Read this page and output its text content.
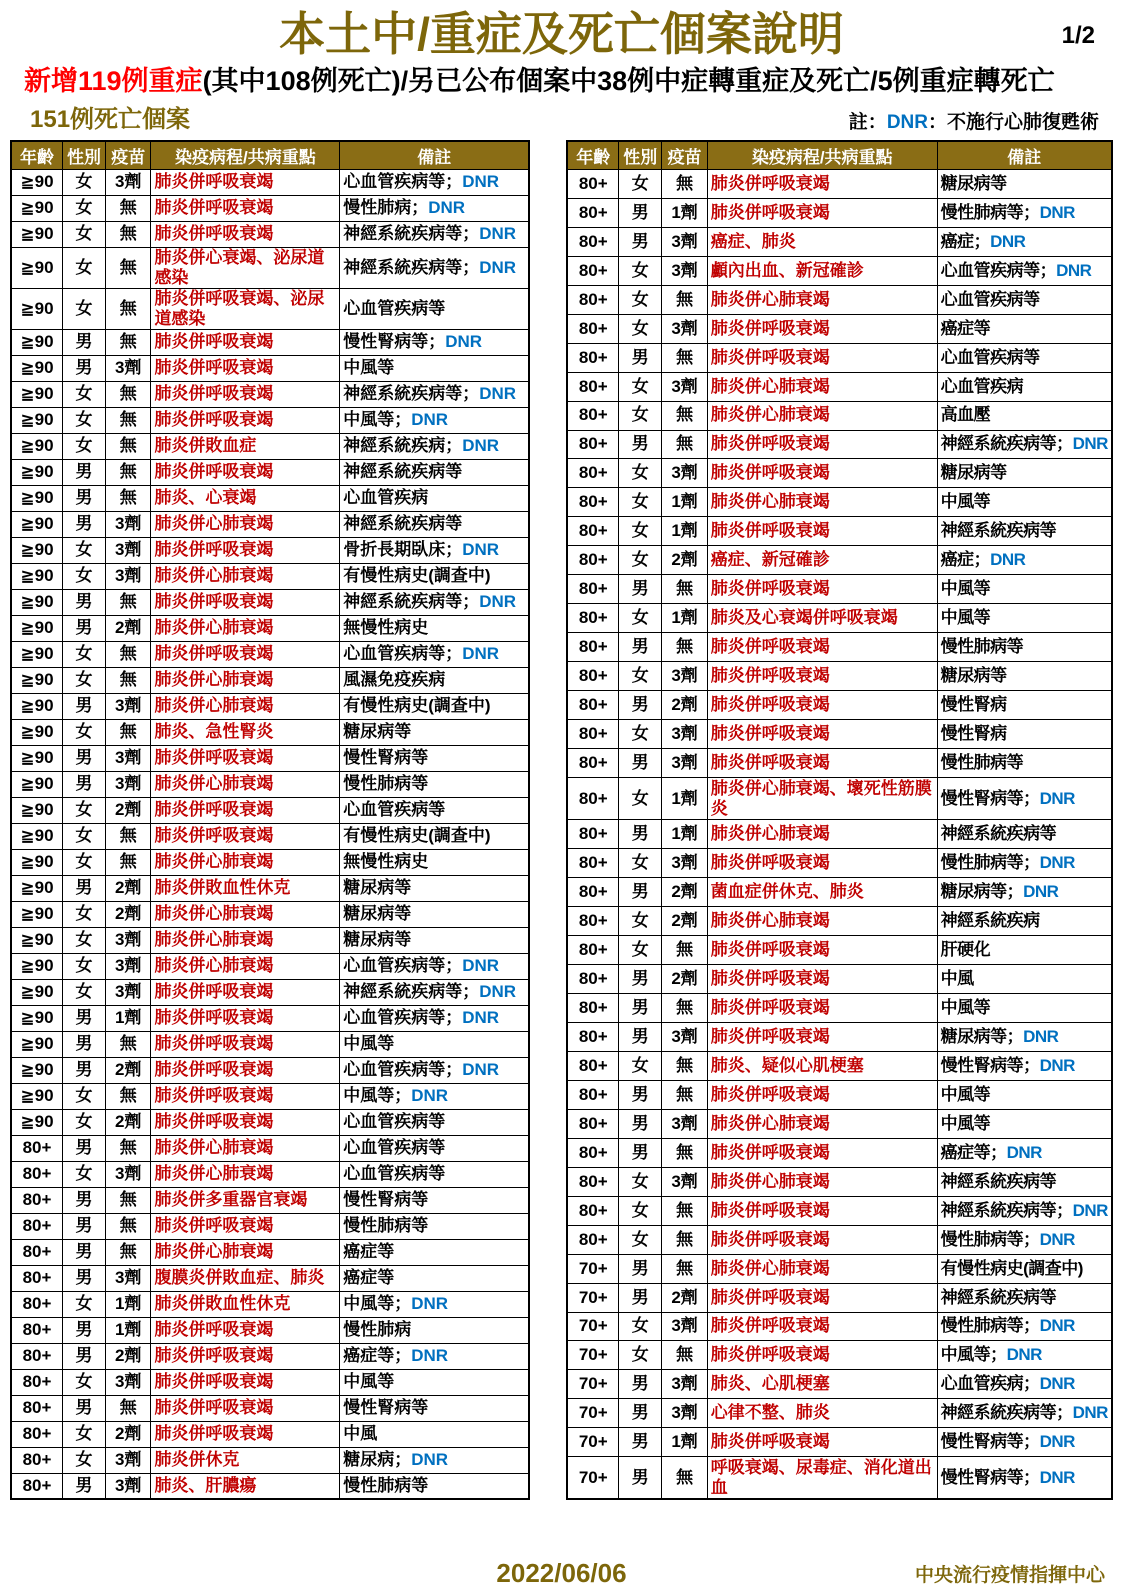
1/2
本土中/重症及死亡個案說明
新增119例重症(其中108例死亡)/另已公布個案中38例中症轉重症及死亡/5例重症轉死亡
151例死亡個案	註：DNR：不施行心肺復甦術
年齡	性別	疫苗	染疫病程/共病重點	備註
≧90	女	3劑	肺炎併呼吸衰竭	心血管疾病等；DNR
≧90	女	無	肺炎併呼吸衰竭	慢性肺病；DNR
≧90	女	無	肺炎併呼吸衰竭	神經系統疾病等；DNR
≧90	女	無	肺炎併心衰竭、泌尿道感染	神經系統疾病等；DNR
≧90	女	無	肺炎併呼吸衰竭、泌尿道感染	心血管疾病等
≧90	男	無	肺炎併呼吸衰竭	慢性腎病等；DNR
≧90	男	3劑	肺炎併呼吸衰竭	中風等
≧90	女	無	肺炎併呼吸衰竭	神經系統疾病等；DNR
≧90	女	無	肺炎併呼吸衰竭	中風等；DNR
≧90	女	無	肺炎併敗血症	神經系統疾病；DNR
≧90	男	無	肺炎併呼吸衰竭	神經系統疾病等
≧90	男	無	肺炎、心衰竭	心血管疾病
≧90	男	3劑	肺炎併心肺衰竭	神經系統疾病等
≧90	女	3劑	肺炎併呼吸衰竭	骨折長期臥床；DNR
≧90	女	3劑	肺炎併心肺衰竭	有慢性病史(調查中)
≧90	男	無	肺炎併呼吸衰竭	神經系統疾病等；DNR
≧90	男	2劑	肺炎併心肺衰竭	無慢性病史
≧90	女	無	肺炎併呼吸衰竭	心血管疾病等；DNR
≧90	女	無	肺炎併心肺衰竭	風濕免疫疾病
≧90	男	3劑	肺炎併心肺衰竭	有慢性病史(調查中)
≧90	女	無	肺炎、急性腎炎	糖尿病等
≧90	男	3劑	肺炎併呼吸衰竭	慢性腎病等
≧90	男	3劑	肺炎併心肺衰竭	慢性肺病等
≧90	女	2劑	肺炎併呼吸衰竭	心血管疾病等
≧90	女	無	肺炎併呼吸衰竭	有慢性病史(調查中)
≧90	女	無	肺炎併心肺衰竭	無慢性病史
≧90	男	2劑	肺炎併敗血性休克	糖尿病等
≧90	女	2劑	肺炎併心肺衰竭	糖尿病等
≧90	女	3劑	肺炎併心肺衰竭	糖尿病等
≧90	女	3劑	肺炎併心肺衰竭	心血管疾病等；DNR
≧90	女	3劑	肺炎併呼吸衰竭	神經系統疾病等；DNR
≧90	男	1劑	肺炎併呼吸衰竭	心血管疾病等；DNR
≧90	男	無	肺炎併呼吸衰竭	中風等
≧90	男	2劑	肺炎併呼吸衰竭	心血管疾病等；DNR
≧90	女	無	肺炎併呼吸衰竭	中風等；DNR
≧90	女	2劑	肺炎併呼吸衰竭	心血管疾病等
80+	男	無	肺炎併心肺衰竭	心血管疾病等
80+	女	3劑	肺炎併心肺衰竭	心血管疾病等
80+	男	無	肺炎併多重器官衰竭	慢性腎病等
80+	男	無	肺炎併呼吸衰竭	慢性肺病等
80+	男	無	肺炎併心肺衰竭	癌症等
80+	男	3劑	腹膜炎併敗血症、肺炎	癌症等
80+	女	1劑	肺炎併敗血性休克	中風等；DNR
80+	男	1劑	肺炎併呼吸衰竭	慢性肺病
80+	男	2劑	肺炎併呼吸衰竭	癌症等；DNR
80+	女	3劑	肺炎併呼吸衰竭	中風等
80+	男	無	肺炎併呼吸衰竭	慢性腎病等
80+	女	2劑	肺炎併呼吸衰竭	中風
80+	女	3劑	肺炎併休克	糖尿病；DNR
80+	男	3劑	肺炎、肝膿瘍	慢性肺病等
年齡	性別	疫苗	染疫病程/共病重點	備註
80+	女	無	肺炎併呼吸衰竭	糖尿病等
80+	男	1劑	肺炎併呼吸衰竭	慢性肺病等；DNR
80+	男	3劑	癌症、肺炎	癌症；DNR
80+	女	3劑	顱內出血、新冠確診	心血管疾病等；DNR
80+	女	無	肺炎併心肺衰竭	心血管疾病等
80+	女	3劑	肺炎併呼吸衰竭	癌症等
80+	男	無	肺炎併呼吸衰竭	心血管疾病等
80+	女	3劑	肺炎併心肺衰竭	心血管疾病
80+	女	無	肺炎併心肺衰竭	高血壓
80+	男	無	肺炎併呼吸衰竭	神經系統疾病等；DNR
80+	女	3劑	肺炎併呼吸衰竭	糖尿病等
80+	女	1劑	肺炎併心肺衰竭	中風等
80+	女	1劑	肺炎併呼吸衰竭	神經系統疾病等
80+	女	2劑	癌症、新冠確診	癌症；DNR
80+	男	無	肺炎併呼吸衰竭	中風等
80+	女	1劑	肺炎及心衰竭併呼吸衰竭	中風等
80+	男	無	肺炎併呼吸衰竭	慢性肺病等
80+	女	3劑	肺炎併呼吸衰竭	糖尿病等
80+	男	2劑	肺炎併呼吸衰竭	慢性腎病
80+	女	3劑	肺炎併呼吸衰竭	慢性腎病
80+	男	3劑	肺炎併呼吸衰竭	慢性肺病等
80+	女	1劑	肺炎併心肺衰竭、壞死性筋膜炎	慢性腎病等；DNR
80+	男	1劑	肺炎併心肺衰竭	神經系統疾病等
80+	女	3劑	肺炎併呼吸衰竭	慢性肺病等；DNR
80+	男	2劑	菌血症併休克、肺炎	糖尿病等；DNR
80+	女	2劑	肺炎併心肺衰竭	神經系統疾病
80+	女	無	肺炎併呼吸衰竭	肝硬化
80+	男	2劑	肺炎併呼吸衰竭	中風
80+	男	無	肺炎併呼吸衰竭	中風等
80+	男	3劑	肺炎併呼吸衰竭	糖尿病等；DNR
80+	女	無	肺炎、疑似心肌梗塞	慢性腎病等；DNR
80+	男	無	肺炎併呼吸衰竭	中風等
80+	男	3劑	肺炎併心肺衰竭	中風等
80+	男	無	肺炎併呼吸衰竭	癌症等；DNR
80+	女	3劑	肺炎併心肺衰竭	神經系統疾病等
80+	女	無	肺炎併呼吸衰竭	神經系統疾病等；DNR
80+	女	無	肺炎併呼吸衰竭	慢性肺病等；DNR
70+	男	無	肺炎併心肺衰竭	有慢性病史(調查中)
70+	男	2劑	肺炎併呼吸衰竭	神經系統疾病等
70+	女	3劑	肺炎併呼吸衰竭	慢性肺病等；DNR
70+	女	無	肺炎併呼吸衰竭	中風等；DNR
70+	男	3劑	肺炎、心肌梗塞	心血管疾病；DNR
70+	男	3劑	心律不整、肺炎	神經系統疾病等；DNR
70+	男	1劑	肺炎併呼吸衰竭	慢性腎病等；DNR
70+	男	無	呼吸衰竭、尿毒症、消化道出血	慢性腎病等；DNR
2022/06/06	中央流行疫情指揮中心
